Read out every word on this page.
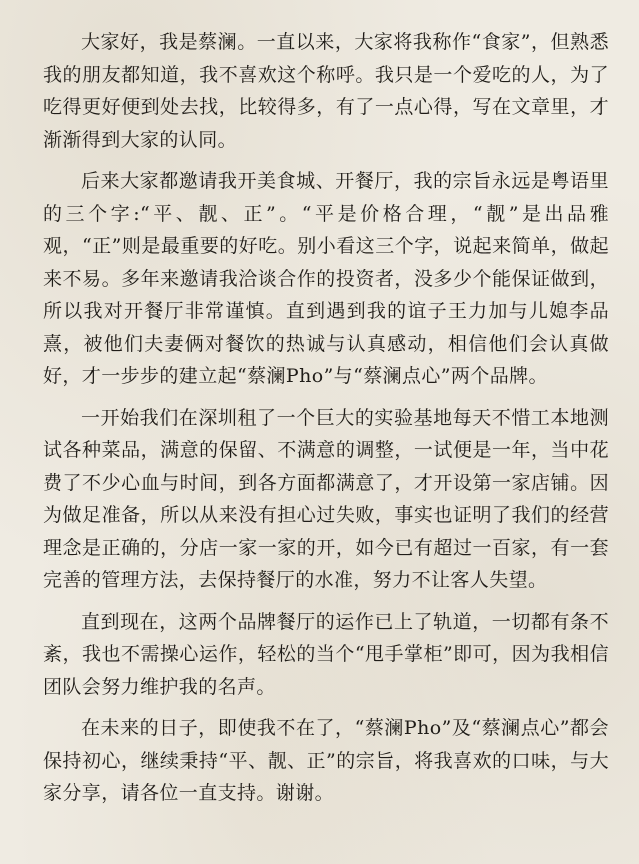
大家好，我是蔡澜。一直以来，大家将我称作“食家”，但熟悉我的朋友都知道，我不喜欢这个称呼。我只是一个爱吃的人，为了吃得更好便到处去找，比较得多，有了一点心得，写在文章里，才渐渐得到大家的认同。

后来大家都邀请我开美食城、开餐厅，我的宗旨永远是粤语里的三个字:“平、靓、正”。“平是价格合理，“靓”是出品雅观，“正”则是最重要的好吃。别小看这三个字，说起来简单，做起来不易。多年来邀请我洽谈合作的投资者，没多少个能保证做到，所以我对开餐厅非常谨慎。直到遇到我的谊子王力加与儿媳李品熹，被他们夫妻俩对餐饮的热诚与认真感动，相信他们会认真做好，才一步步的建立起“蔡澜Pho”与“蔡澜点心”两个品牌。

一开始我们在深圳租了一个巨大的实验基地每天不惜工本地测试各种菜品，满意的保留、不满意的调整，一试便是一年，当中花费了不少心血与时间，到各方面都满意了，才开设第一家店铺。因为做足准备，所以从来没有担心过失败，事实也证明了我们的经营理念是正确的，分店一家一家的开，如今已有超过一百家，有一套完善的管理方法，去保持餐厅的水准，努力不让客人失望。

直到现在，这两个品牌餐厅的运作已上了轨道，一切都有条不紊，我也不需操心运作，轻松的当个“甩手掌柜”即可，因为我相信团队会努力维护我的名声。

在未来的日子，即使我不在了，“蔡澜Pho”及“蔡澜点心”都会保持初心，继续秉持“平、靓、正”的宗旨，将我喜欢的口味，与大家分享，请各位一直支持。谢谢。
